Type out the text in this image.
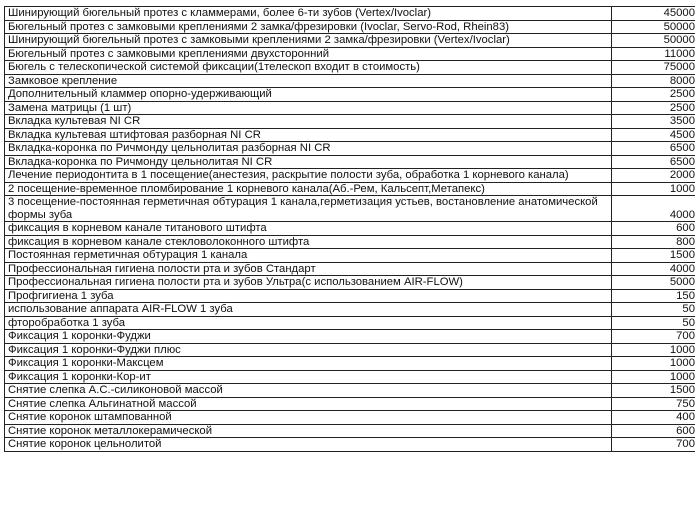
Шинирующий бюгельный протез с кламмерами, более 6-ти зубов (Vertex/Ivoclar)	45000
Бюгельный протез с замковыми креплениями 2 замка/фрезировки (Ivoclar, Servo-Rod, Rhein83)	50000
Шинирующий бюгельный протез с замковыми креплениями 2 замка/фрезировки (Vertex/Ivoclar)	50000
Бюгельный протез с замковыми креплениями двухсторонний	11000
Бюгель с телескопической системой фиксации(1телескоп входит в стоимость)	75000
Замковое крепление	8000
Дополнительный кламмер опорно-удерживающий	2500
Замена матрицы (1 шт)	2500
Вкладка культевая NI CR	3500
Вкладка культевая штифтовая разборная NI CR	4500
Вкладка-коронка по Ричмонду цельнолитая разборная NI CR	6500
Вкладка-коронка по Ричмонду цельнолитая NI CR	6500
Лечение периодонтита в 1 посещение(анестезия, раскрытие полости зуба, обработка 1 корневого канала)	2000
2 посещение-временное пломбирование 1 корневого канала(Аб.-Рем, Кальсепт,Метапекс)	1000
3 посещение-постоянная герметичная обтурация 1 канала,герметизация устьев, востановление анатомической формы зуба	4000
фиксация в корневом канале титанового штифта	600
фиксация в корневом канале стекловолоконного штифта	800
Постоянная герметичная обтурация 1 канала	1500
Профессиональная гигиена полости рта и зубов Стандарт	4000
Профессиональная гигиена полости рта и зубов Ультра(с использованием AIR-FLOW)	5000
Профгигиена 1 зуба	150
использование аппарата AIR-FLOW 1 зуба	50
фторобработка 1 зуба	50
Фиксация 1 коронки-Фуджи	700
Фиксация 1 коронки-Фуджи плюс	1000
Фиксация 1 коронки-Максцем	1000
Фиксация 1 коронки-Кор-ит	1000
Снятие слепка А.С.-силиконовой массой	1500
Снятие слепка Альгинатной массой	750
Снятие коронок штампованной	400
Снятие коронок металлокерамической	600
Снятие коронок цельнолитой	700
